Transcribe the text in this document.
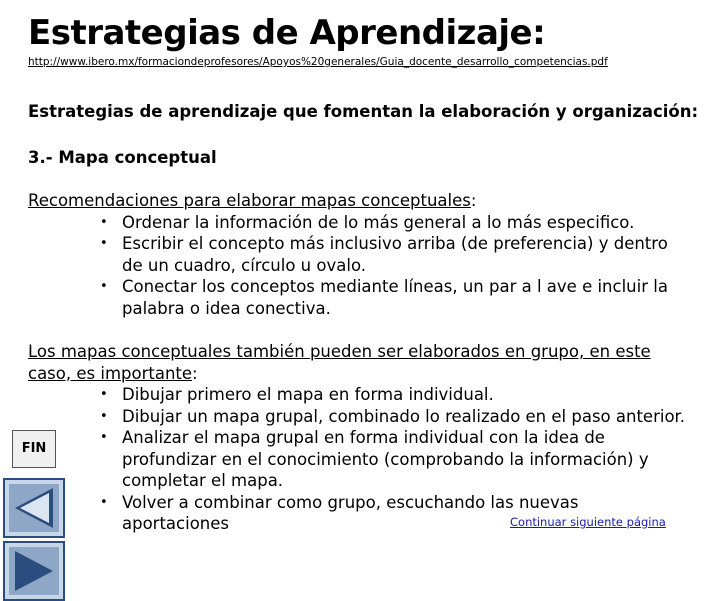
Estrategias de Aprendizaje:
http://www.ibero.mx/formaciondeprofesores/Apoyos%20generales/Guia_docente_desarrollo_competencias.pdf
Estrategias de aprendizaje que fomentan la elaboración y organización:
3.- Mapa conceptual
Recomendaciones para elaborar mapas conceptuales:
• Ordenar la información de lo más general a lo más especifico.
• Escribir el concepto más inclusivo arriba (de preferencia) y dentro de un cuadro, círculo u ovalo.
• Conectar los conceptos mediante líneas, un par a l ave e incluir la palabra o idea conectiva.
Los mapas conceptuales también pueden ser elaborados en grupo, en este caso, es importante:
• Dibujar primero el mapa en forma individual.
• Dibujar un mapa grupal, combinado lo realizado en el paso anterior.
• Analizar el mapa grupal en forma individual con la idea de profundizar en el conocimiento (comprobando la información) y completar el mapa.
• Volver a combinar como grupo, escuchando las nuevas aportaciones
FIN
Continuar siguiente página
